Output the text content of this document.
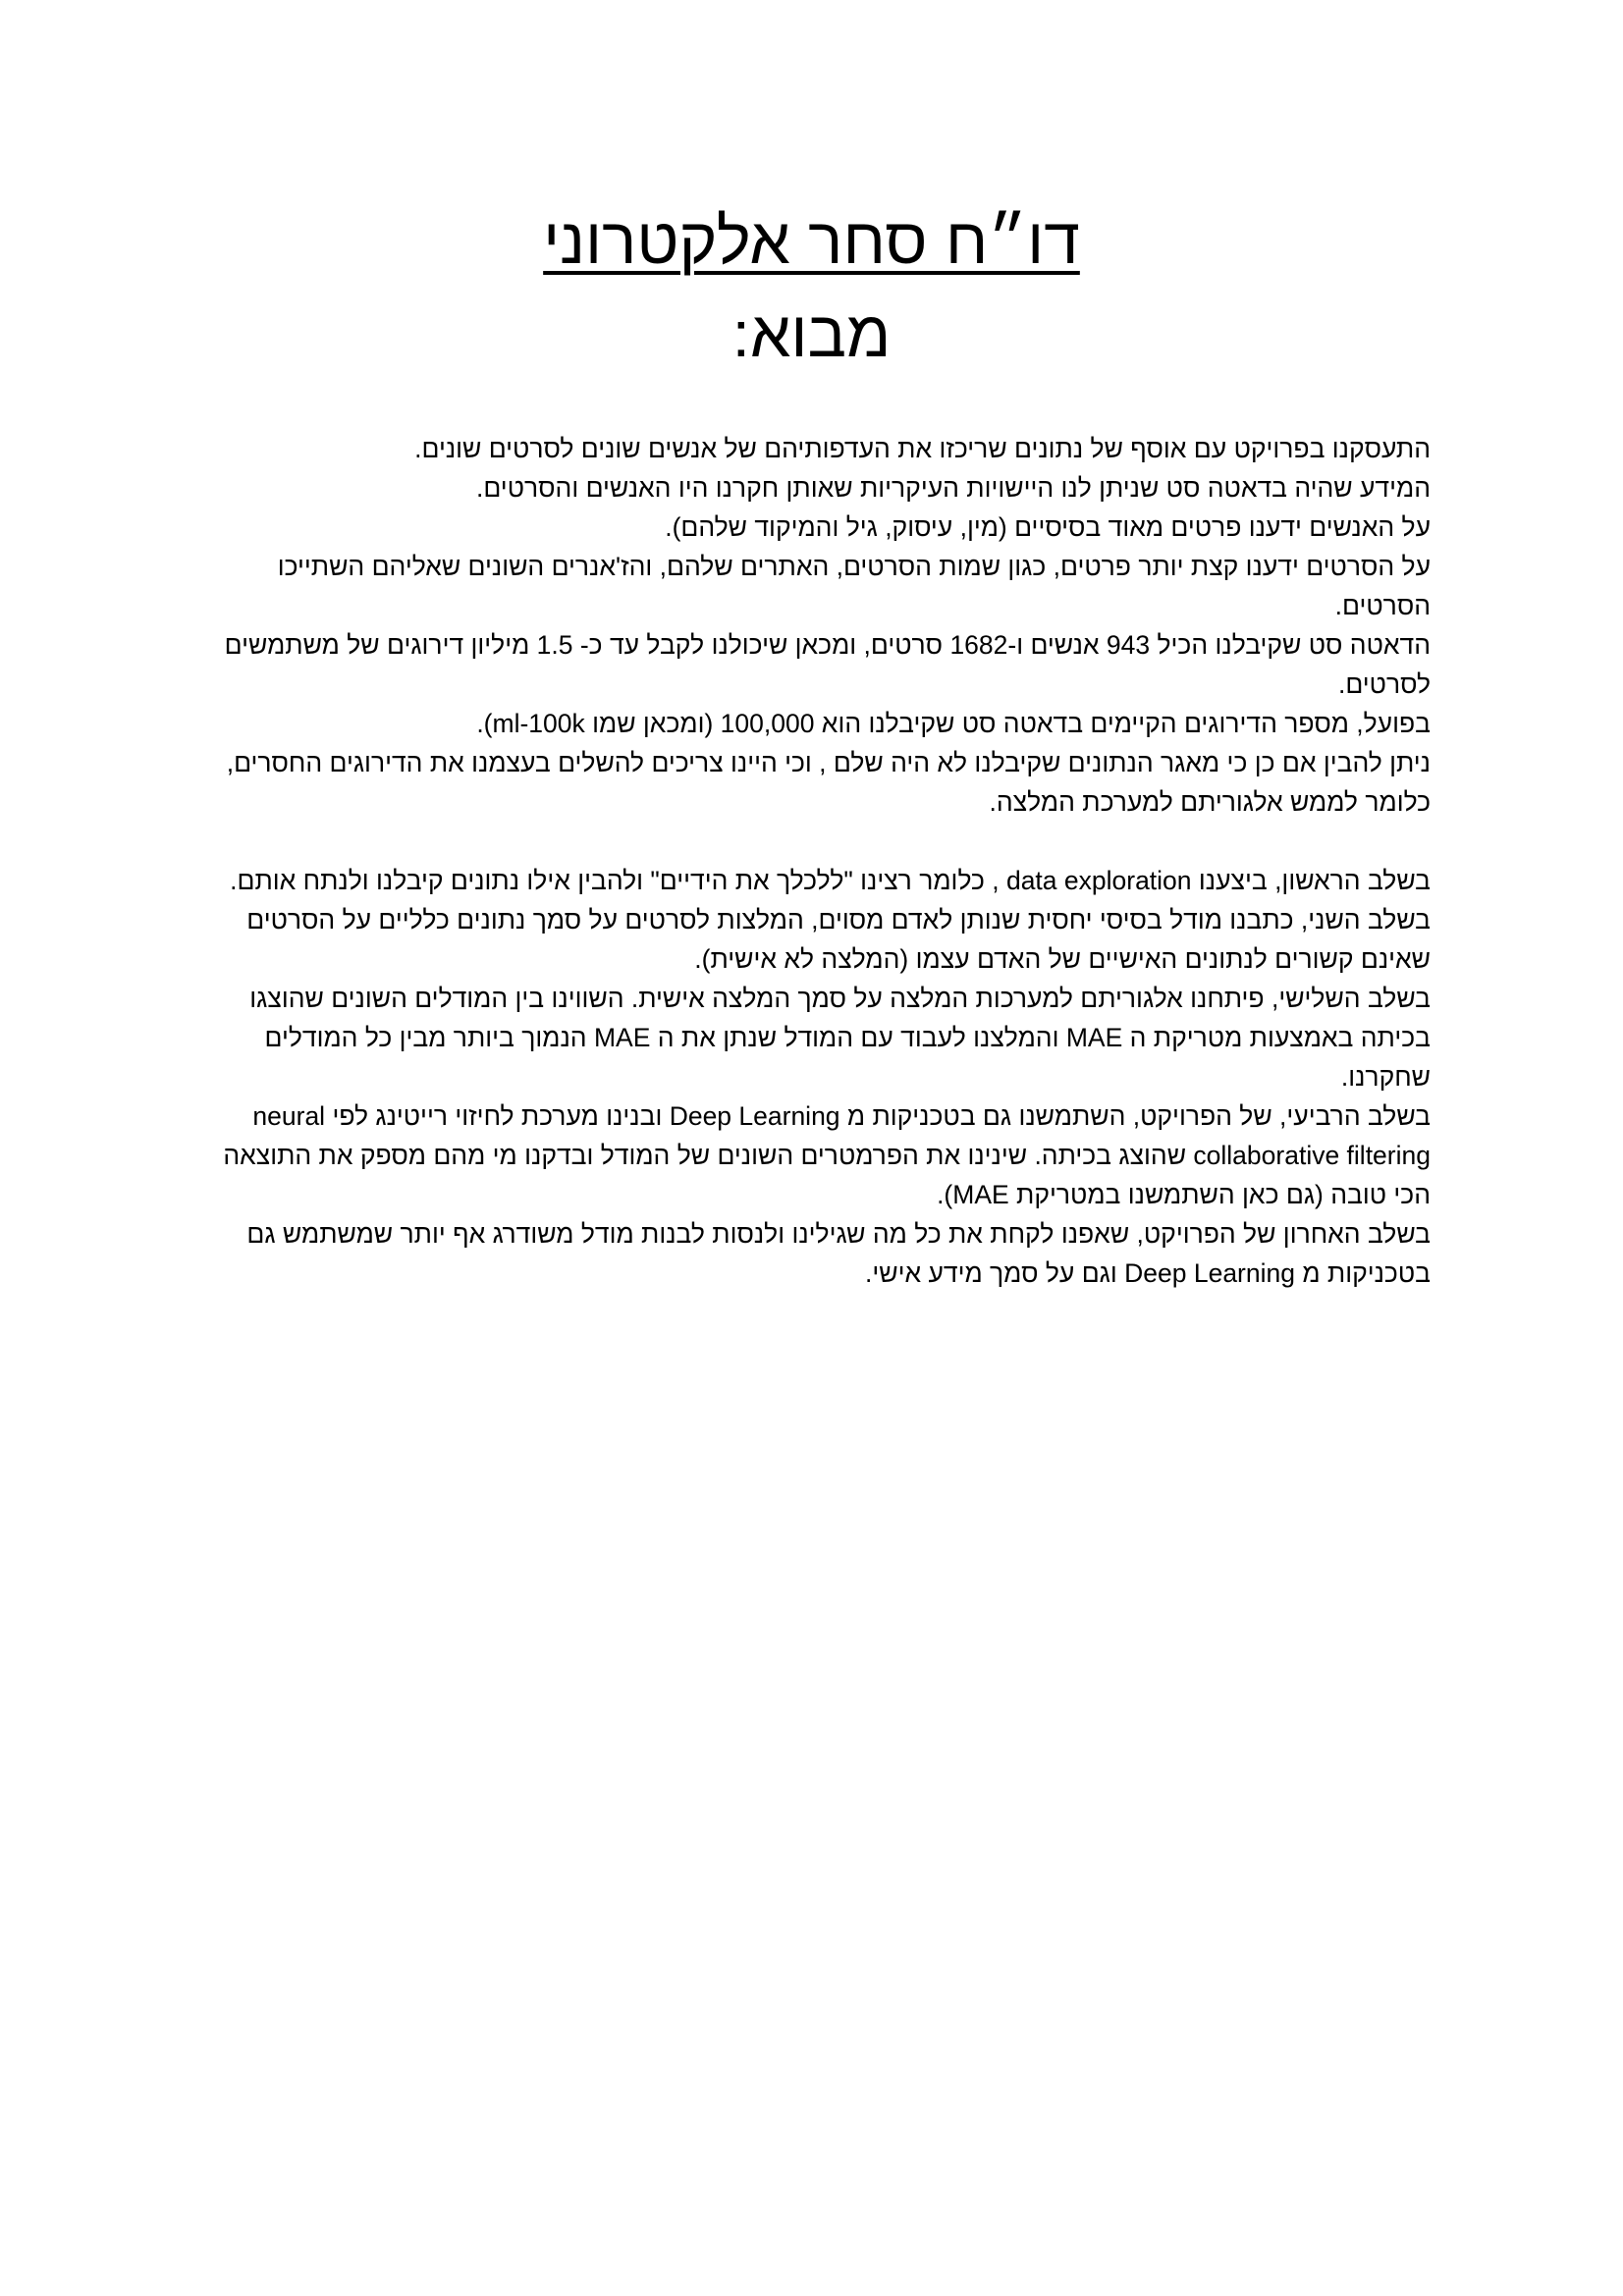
דו״ח סחר אלקטרוני
מבוא:

התעסקנו בפרויקט עם אוסף של נתונים שריכזו את העדפותיהם של אנשים שונים לסרטים שונים.

המידע שהיה בדאטה סט שניתן לנו היישויות העיקריות שאותן חקרנו היו האנשים והסרטים.

על האנשים ידענו פרטים מאוד בסיסיים (מין, עיסוק, גיל והמיקוד שלהם).

על הסרטים ידענו קצת יותר פרטים, כגון שמות הסרטים, האתרים שלהם, והז'אנרים השונים שאליהם השתייכו הסרטים.

הדאטה סט שקיבלנו הכיל 943 אנשים ו-1682 סרטים, ומכאן שיכולנו לקבל עד כ- 1.5 מיליון דירוגים של משתמשים לסרטים.

בפועל, מספר הדירוגים הקיימים בדאטה סט שקיבלנו הוא 100,000 (ומכאן שמו ml-100k).

ניתן להבין אם כן כי מאגר הנתונים שקיבלנו לא היה שלם , וכי היינו צריכים להשלים בעצמנו את הדירוגים החסרים, כלומר לממש אלגוריתם למערכת המלצה.

בשלב הראשון, ביצענו data exploration , כלומר רצינו "ללכלך את הידיים" ולהבין אילו נתונים קיבלנו ולנתח אותם.

בשלב השני, כתבנו מודל בסיסי יחסית שנותן לאדם מסוים, המלצות לסרטים על סמך נתונים כלליים על הסרטים שאינם קשורים לנתונים האישיים של האדם עצמו (המלצה לא אישית).

בשלב השלישי, פיתחנו אלגוריתם למערכות המלצה על סמך המלצה אישית. השווינו בין המודלים השונים שהוצגו בכיתה באמצעות מטריקת ה MAE והמלצנו לעבוד עם המודל שנתן את ה MAE הנמוך ביותר מבין כל המודלים שחקרנו.

בשלב הרביעי, של הפרויקט, השתמשנו גם בטכניקות מ Deep Learning ובנינו מערכת לחיזוי רייטינג לפי neural collaborative filtering שהוצג בכיתה. שינינו את הפרמטרים השונים של המודל ובדקנו מי מהם מספק את התוצאה הכי טובה (גם כאן השתמשנו במטריקת MAE).

בשלב האחרון של הפרויקט, שאפנו לקחת את כל מה שגילינו ולנסות לבנות מודל משודרג אף יותר שמשתמש גם בטכניקות מ Deep Learning וגם על סמך מידע אישי.
